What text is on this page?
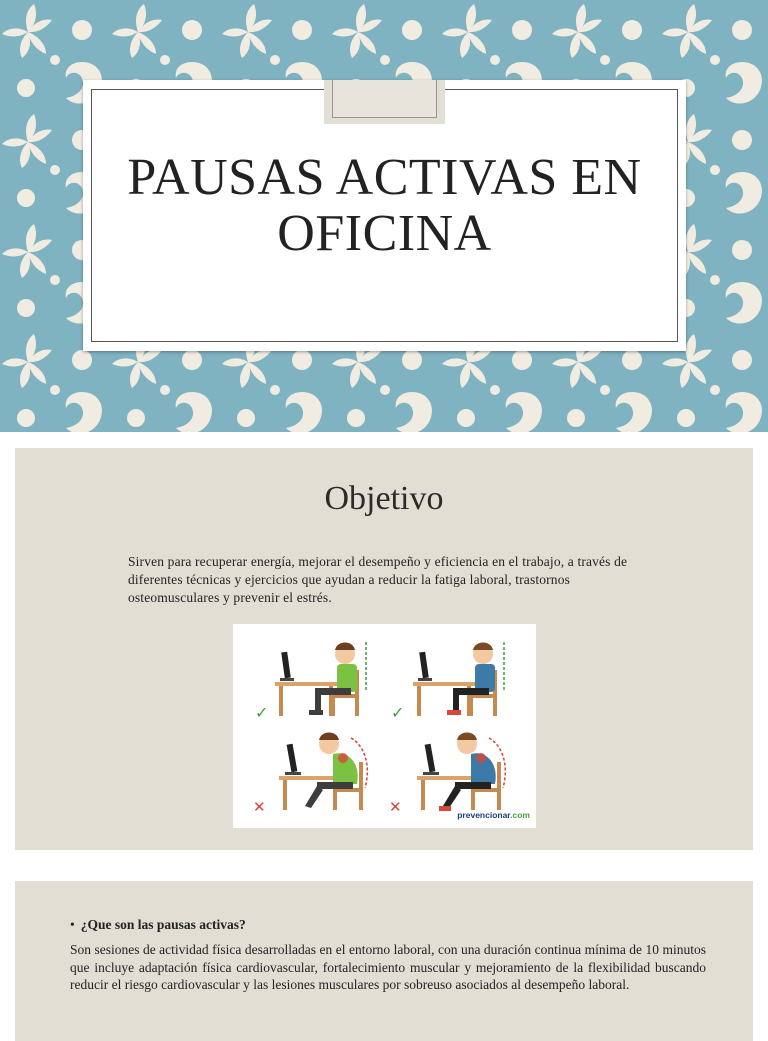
PAUSAS ACTIVAS EN OFICINA
Objetivo
Sirven para recuperar energía, mejorar el desempeño y eficiencia en el trabajo, a través de diferentes técnicas y ejercicios que ayudan a reducir la fatiga laboral, trastornos osteomusculares y prevenir el estrés.
✓	✓
✕	✕	prevencionar.com
• ¿Que son las pausas activas?
Son sesiones de actividad física desarrolladas en el entorno laboral, con una duración continua mínima de 10 minutos que incluye adaptación física cardiovascular, fortalecimiento muscular y mejoramiento de la flexibilidad buscando reducir el riesgo cardiovascular y las lesiones musculares por sobreuso asociados al desempeño laboral.
